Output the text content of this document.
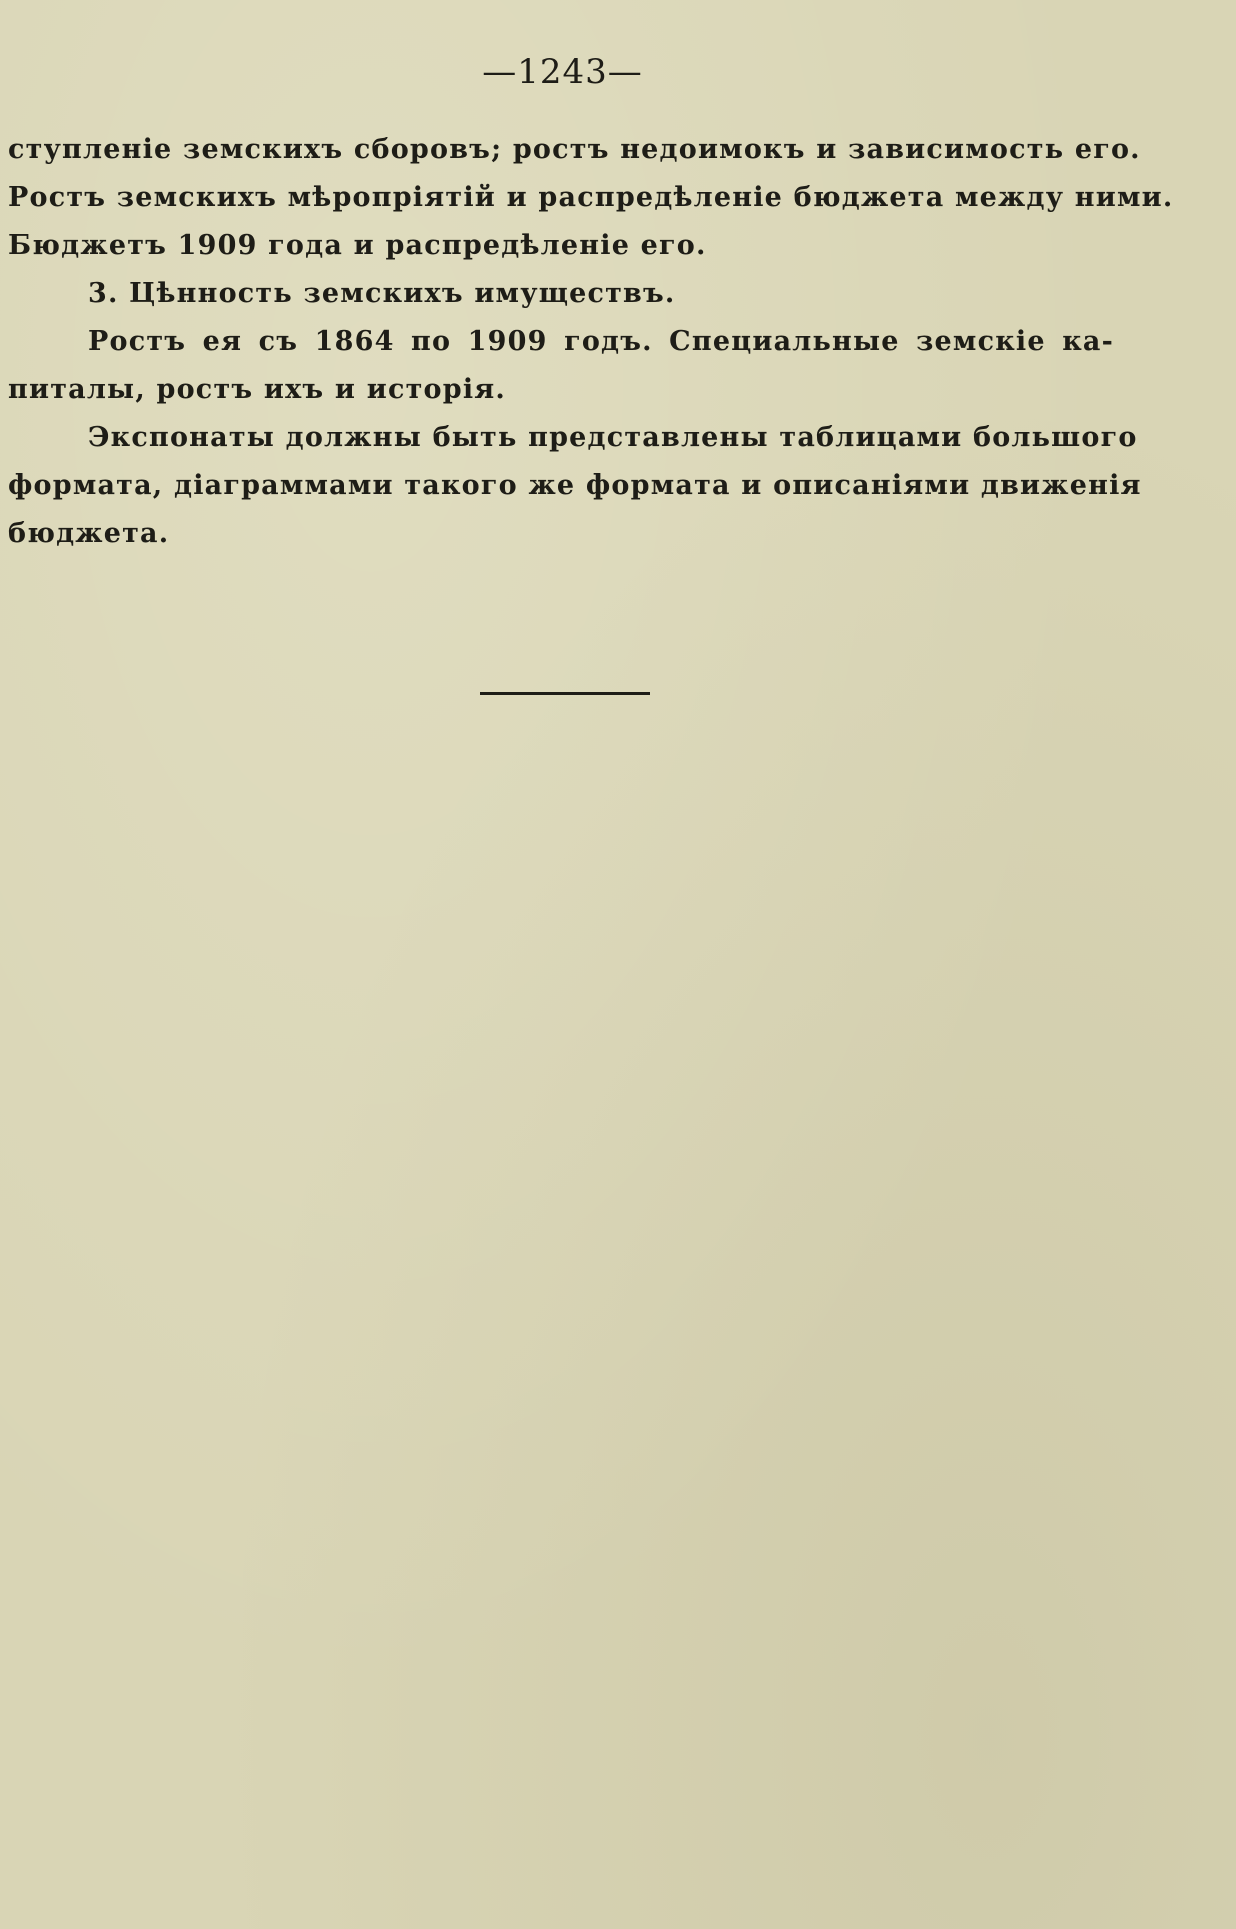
—1243—
ступленіе земскихъ сборовъ; ростъ недоимокъ и зависимость его.
Ростъ земскихъ мѣропріятій и распредѣленіе бюджета между ними.
Бюджетъ 1909 года и распредѣленіе его.
3. Цѣнность земскихъ имуществъ.
Ростъ ея съ 1864 по 1909 годъ. Специальные земскіе ка-
питалы, ростъ ихъ и исторія.
Экспонаты должны быть представлены таблицами большого
формата, діаграммами такого же формата и описаніями движенія
бюджета.
